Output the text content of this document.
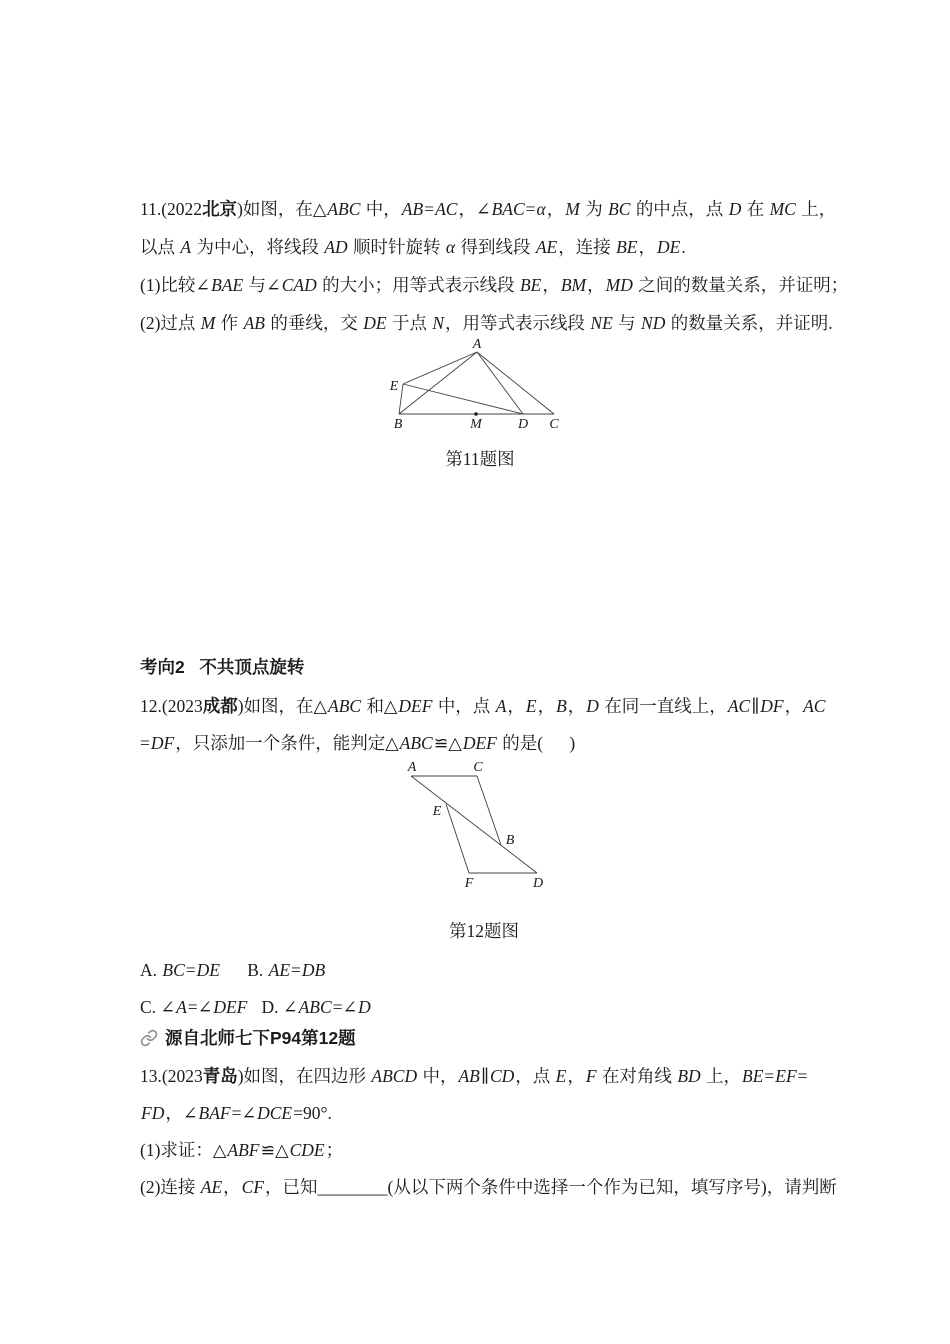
11.(2022北京)如图，在△ABC 中，AB=AC，∠BAC=α，M 为 BC 的中点，点 D 在 MC 上，
以点 A 为中心，将线段 AD 顺时针旋转 α 得到线段 AE，连接 BE，DE.
(1)比较∠BAE 与∠CAD 的大小；用等式表示线段 BE，BM，MD 之间的数量关系，并证明；
(2)过点 M 作 AB 的垂线，交 DE 于点 N，用等式表示线段 NE 与 ND 的数量关系，并证明.
A
E
B	M	D C
第11题图
考向2   不共顶点旋转
12.(2023成都)如图，在△ABC 和△DEF 中，点 A，E，B，D 在同一直线上，AC∥DF，AC
=DF，只添加一个条件，能判定△ABC≌△DEF 的是(      )
A	C
E
B
F	D
第12题图
A. BC=DE      B. AE=DB
C. ∠A=∠DEF   D. ∠ABC=∠D
源自北师七下P94第12题
13.(2023青岛)如图，在四边形 ABCD 中，AB∥CD，点 E，F 在对角线 BD 上，BE=EF=
FD，∠BAF=∠DCE=90°.
(1)求证：△ABF≌△CDE；
(2)连接 AE，CF，已知________(从以下两个条件中选择一个作为已知，填写序号)，请判断
